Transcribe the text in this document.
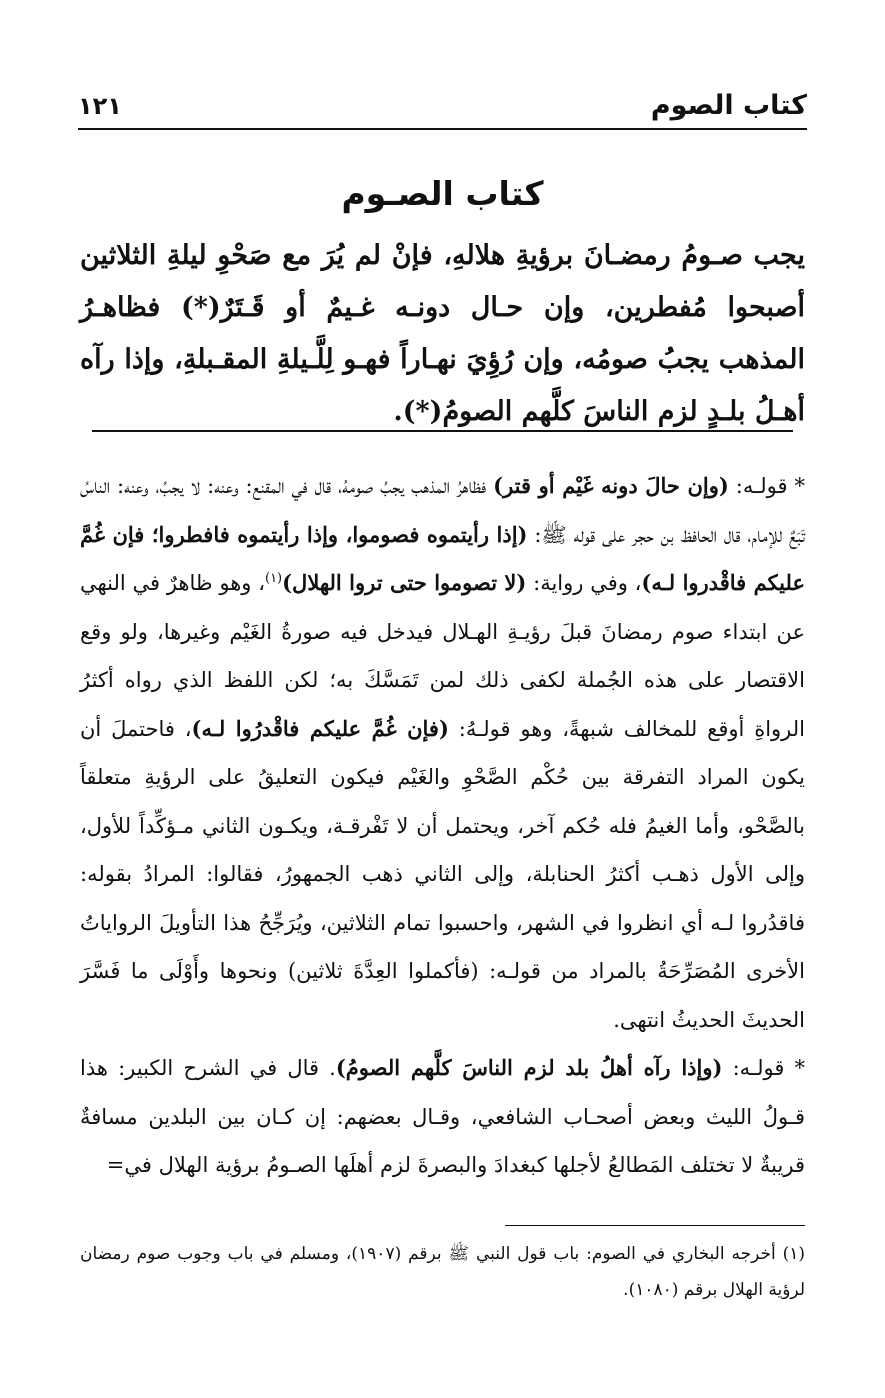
كتاب الصوم
١٢١
كتاب الصـوم
يجب صـومُ رمضـانَ برؤيةِ هلالهِ، فإنْ لم يُرَ مع صَحْوِ ليلةِ الثلاثين أصبحوا مُفطرين، وإن حـال دونـه غـيمٌ أو قَـتَرٌ(*) فظاهـرُ المذهب يجبُ صومُه، وإن رُؤِيَ نهـاراً فهـو لِلَّـيلةِ المقـبلةِ، وإذا رآه أهـلُ بلـدٍ لزم الناسَ كلَّهم الصومُ(*).

* قولـه: (وإن حالَ دونه غَيْم أو قتر) فظاهرُ المذهب يجبُ صومهُ، قال في المقنع: وعنه: لا يجبُ، وعنه: الناسُ تَبَعٌ للإمام، قال الحافظ بن حجر على قوله ﷺ: (إذا رأيتموه فصوموا، وإذا رأيتموه فافطروا؛ فإن غُمَّ عليكم فاقْدروا لـه)، وفي رواية: (لا تصوموا حتى تروا الهلال)$^{(١)}$، وهو ظاهرٌ في النهي عن ابتداء صوم رمضانَ قبلَ رؤيـةِ الهـلال فيدخل فيه صورةُ الغَيْم وغيرها، ولو وقع الاقتصار على هذه الجُملة لكفى ذلك لمن تَمَسَّكَ به؛ لكن اللفظ الذي رواه أكثرُ الرواةِ أوقع للمخالف شبهةً، وهو قولـهُ: (فإن غُمَّ عليكم فاقْدرُوا لـه)، فاحتملَ أن يكون المراد التفرقة بين حُكْم الصَّحْوِ والغَيْم فيكون التعليقُ على الرؤيةِ متعلقاً بالصَّحْو، وأما الغيمُ فله حُكم آخر، ويحتمل أن لا تَفْرقـة، ويكـون الثاني مـؤكِّداً للأول، وإلى الأول ذهـب أكثرُ الحنابلة، وإلى الثاني ذهب الجمهورُ، فقالوا: المرادُ بقوله: فاقدُروا لـه أي انظروا في الشهر، واحسبوا تمام الثلاثين، ويُرَجِّحُ هذا التأويلَ الرواياتُ الأخرى المُصَرِّحَةُ بالمراد من قولـه: (فأكملوا العِدَّةَ ثلاثين) ونحوها وأَوْلَى ما فَسَّرَ الحديثَ الحديثُ انتهى.

* قولـه: (وإذا رآه أهلُ بلد لزم الناسَ كلَّهم الصومُ). قال في الشرح الكبير: هذا قـولُ الليث وبعض أصحـاب الشافعي، وقـال بعضهم: إن كـان بين البلدين مسافةٌ قريبةٌ لا تختلف المَطالعُ لأجلها كبغدادَ والبصرةَ لزم أهلَها الصـومُ برؤية الهلال في=

(١) أخرجه البخاري في الصوم: باب قول النبي ﷺ برقم (١٩٠٧)، ومسلم في باب وجوب صوم رمضان لرؤية الهلال برقم (١٠٨٠).
